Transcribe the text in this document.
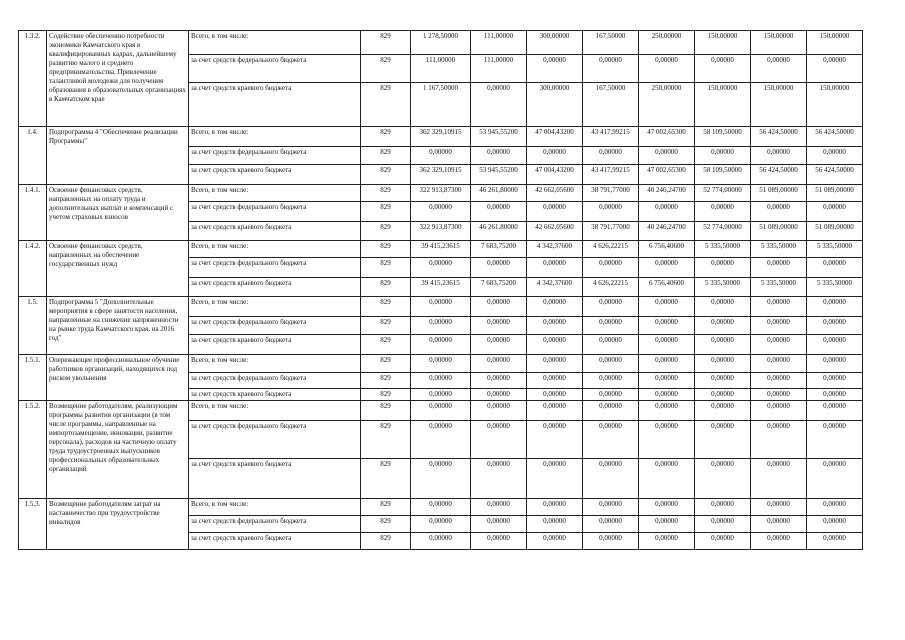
1.3.2.	Содействие обеспечению потребности экономики Камчатского края в квалифицированных кадрах, дальнейшему развитию малого и среднего предпринимательства. Привлечение талантливой молодежи для получения образования в образовательных организациях в Камчатском крае	Всего, в том числе:	829	1 278,50000	111,00000	300,00000	167,50000	250,00000	150,00000	150,00000	150,00000
		за счет средств федерального бюджета	829	111,00000	111,00000	0,00000	0,00000	0,00000	0,00000	0,00000	0,00000
		за счет средств краевого бюджета	829	1 167,50000	0,00000	300,00000	167,50000	250,00000	150,00000	150,00000	150,00000
1.4.	Подпрограмма 4 "Обеспечение реализации Программы"	Всего, в том числе:	829	362 329,10915	53 945,55200	47 004,43200	43 417,99215	47 002,65300	58 109,50000	56 424,50000	56 424,50000
		за счет средств федерального бюджета	829	0,00000	0,00000	0,00000	0,00000	0,00000	0,00000	0,00000	0,00000
		за счет средств краевого бюджета	829	362 329,10915	53 945,55200	47 004,43200	43 417,99215	47 002,65300	58 109,50000	56 424,50000	56 424,50000
1.4.1.	Освоение финансовых средств, направленных на оплату труда и дополнительных выплат и компенсаций с учетом страховых взносов	Всего, в том числе:	829	322 913,87300	46 261,80000	42 662,05600	38 791,77000	40 246,24700	52 774,00000	51 089,00000	51 089,00000
		за счет средств федерального бюджета	829	0,00000	0,00000	0,00000	0,00000	0,00000	0,00000	0,00000	0,00000
		за счет средств краевого бюджета	829	322 913,87300	46 261,80000	42 662,05600	38 791,77000	40 246,24700	52 774,00000	51 089,00000	51 089,00000
1.4.2.	Освоение финансовых средств, направленных на обеспечение государственных нужд	Всего, в том числе:	829	39 415,23615	7 683,75200	4 342,37600	4 626,22215	6 756,40600	5 335,50000	5 335,50000	5 335,50000
		за счет средств федерального бюджета	829	0,00000	0,00000	0,00000	0,00000	0,00000	0,00000	0,00000	0,00000
		за счет средств краевого бюджета	829	39 415,23615	7 683,75200	4 342,37600	4 626,22215	6 756,40600	5 335,50000	5 335,50000	5 335,50000
1.5.	Подпрограмма 5 "Дополнительные мероприятия в сфере занятости населения, направленные на снижение напряженности на рынке труда Камчатского края, на 2016 год"	Всего, в том числе:	829	0,00000	0,00000	0,00000	0,00000	0,00000	0,00000	0,00000	0,00000
		за счет средств федерального бюджета	829	0,00000	0,00000	0,00000	0,00000	0,00000	0,00000	0,00000	0,00000
		за счет средств краевого бюджета	829	0,00000	0,00000	0,00000	0,00000	0,00000	0,00000	0,00000	0,00000
1.5.1.	Опережающее профессиональное обучение работников организаций, находящихся под риском увольнения	Всего, в том числе:	829	0,00000	0,00000	0,00000	0,00000	0,00000	0,00000	0,00000	0,00000
		за счет средств федерального бюджета	829	0,00000	0,00000	0,00000	0,00000	0,00000	0,00000	0,00000	0,00000
		за счет средств краевого бюджета	829	0,00000	0,00000	0,00000	0,00000	0,00000	0,00000	0,00000	0,00000
1.5.2.	Возмещение работодателям, реализующим программы развития организации (в том числе программы, направленные на импортозамещение, инновации, развитие персонала), расходов на частичную оплату труда трудоустроенных выпускников профессиональных образовательных организаций	Всего, в том числе:	829	0,00000	0,00000	0,00000	0,00000	0,00000	0,00000	0,00000	0,00000
		за счет средств федерального бюджета	829	0,00000	0,00000	0,00000	0,00000	0,00000	0,00000	0,00000	0,00000
		за счет средств краевого бюджета	829	0,00000	0,00000	0,00000	0,00000	0,00000	0,00000	0,00000	0,00000
1.5.3.	Возмещение работодателям затрат на наставничество при трудоустройстве инвалидов	Всего, в том числе:	829	0,00000	0,00000	0,00000	0,00000	0,00000	0,00000	0,00000	0,00000
		за счет средств федерального бюджета	829	0,00000	0,00000	0,00000	0,00000	0,00000	0,00000	0,00000	0,00000
		за счет средств краевого бюджета	829	0,00000	0,00000	0,00000	0,00000	0,00000	0,00000	0,00000	0,00000
